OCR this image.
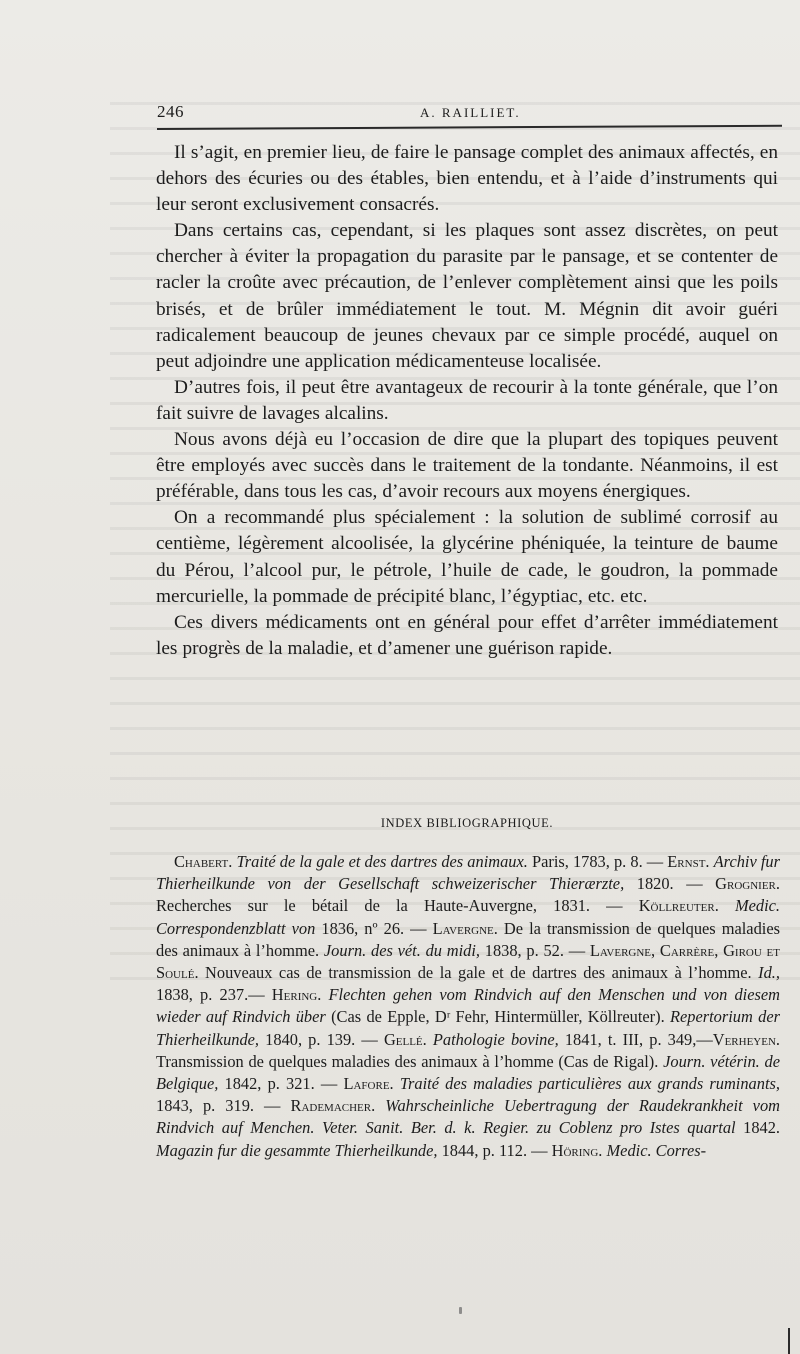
246	A. RAILLIET.

Il s’agit, en premier lieu, de faire le pansage complet des animaux affectés, en dehors des écuries ou des étables, bien entendu, et à l’aide d’instruments qui leur seront exclusivement consacrés.

Dans certains cas, cependant, si les plaques sont assez discrètes, on peut chercher à éviter la propagation du parasite par le pansage, et se contenter de racler la croûte avec précaution, de l’enlever complètement ainsi que les poils brisés, et de brûler immédiatement le tout. M. Mégnin dit avoir guéri radicalement beaucoup de jeunes chevaux par ce simple procédé, auquel on peut adjoindre une application médicamenteuse localisée.

D’autres fois, il peut être avantageux de recourir à la tonte générale, que l’on fait suivre de lavages alcalins.

Nous avons déjà eu l’occasion de dire que la plupart des topiques peuvent être employés avec succès dans le traitement de la tondante. Néanmoins, il est préférable, dans tous les cas, d’avoir recours aux moyens énergiques.

On a recommandé plus spécialement : la solution de sublimé corrosif au centième, légèrement alcoolisée, la glycérine phéniquée, la teinture de baume du Pérou, l’alcool pur, le pétrole, l’huile de cade, le goudron, la pommade mercurielle, la pommade de précipité blanc, l’égyptiac, etc. etc.

Ces divers médicaments ont en général pour effet d’arrêter immédiatement les progrès de la maladie, et d’amener une guérison rapide.

INDEX BIBLIOGRAPHIQUE.

Chabert. Traité de la gale et des dartres des animaux. Paris, 1783, p. 8. — Ernst. Archiv fur Thierheilkunde von der Gesellschaft schweizerischer Thierærzte, 1820. — Grognier. Recherches sur le bétail de la Haute-Auvergne, 1831. — Köllreuter. Medic. Correspondenzblatt von 1836, nº 26. — Lavergne. De la transmission de quelques maladies des animaux à l’homme. Journ. des vét. du midi, 1838, p. 52. — Lavergne, Carrère, Girou et Soulé. Nouveaux cas de transmission de la gale et de dartres des animaux à l’homme. Id., 1838, p. 237.— Hering. Flechten gehen vom Rindvich auf den Menschen und von diesem wieder auf Rindvich über (Cas de Epple, Dʳ Fehr, Hintermüller, Köllreuter). Repertorium der Thierheilkunde, 1840, p. 139. — Gellé. Pathologie bovine, 1841, t. III, p. 349,—Verheyen. Transmission de quelques maladies des animaux à l’homme (Cas de Rigal). Journ. vétérin. de Belgique, 1842, p. 321. — Lafore. Traité des maladies particulières aux grands ruminants, 1843, p. 319. — Rademacher. Wahrscheinliche Uebertragung der Raudekrankheit vom Rindvich auf Menchen. Veter. Sanit. Ber. d. k. Regier. zu Coblenz pro Istes quartal 1842. Magazin fur die gesammte Thierheilkunde, 1844, p. 112. — Höring. Medic. Corres-
